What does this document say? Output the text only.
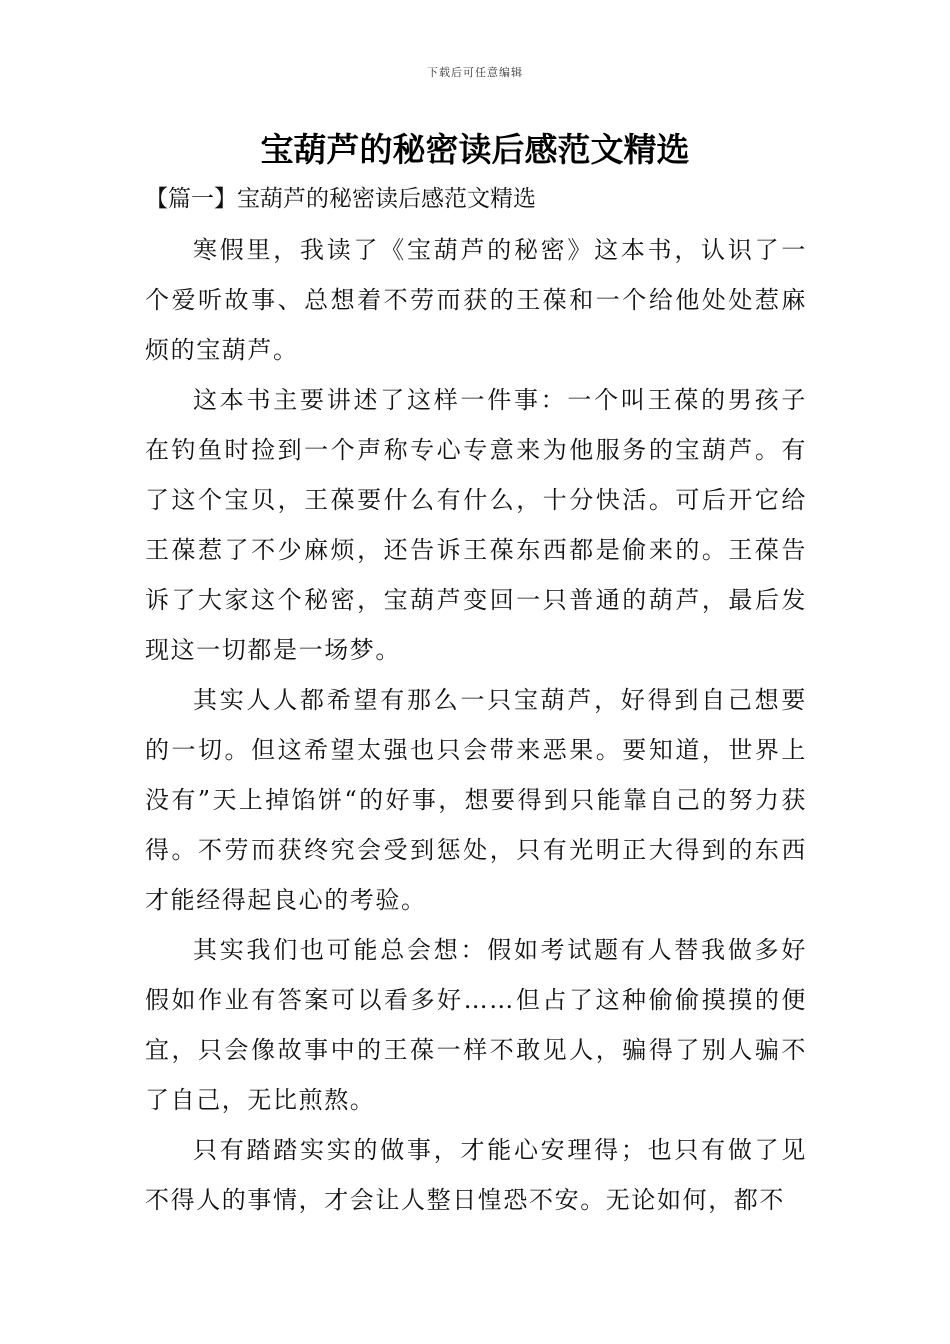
下载后可任意编辑
宝葫芦的秘密读后感范文精选
【篇一】宝葫芦的秘密读后感范文精选

寒假里，我读了《宝葫芦的秘密》这本书，认识了一个爱听故事、总想着不劳而获的王葆和一个给他处处惹麻烦的宝葫芦。

这本书主要讲述了这样一件事：一个叫王葆的男孩子在钓鱼时捡到一个声称专心专意来为他服务的宝葫芦。有了这个宝贝，王葆要什么有什么，十分快活。可后开它给王葆惹了不少麻烦，还告诉王葆东西都是偷来的。王葆告诉了大家这个秘密，宝葫芦变回一只普通的葫芦，最后发现这一切都是一场梦。

其实人人都希望有那么一只宝葫芦，好得到自己想要的一切。但这希望太强也只会带来恶果。要知道，世界上没有”天上掉馅饼“的好事，想要得到只能靠自己的努力获得。不劳而获终究会受到惩处，只有光明正大得到的东西才能经得起良心的考验。

其实我们也可能总会想：假如考试题有人替我做多好假如作业有答案可以看多好……但占了这种偷偷摸摸的便宜，只会像故事中的王葆一样不敢见人，骗得了别人骗不了自己，无比煎熬。

只有踏踏实实的做事，才能心安理得；也只有做了见不得人的事情，才会让人整日惶恐不安。无论如何，都不
